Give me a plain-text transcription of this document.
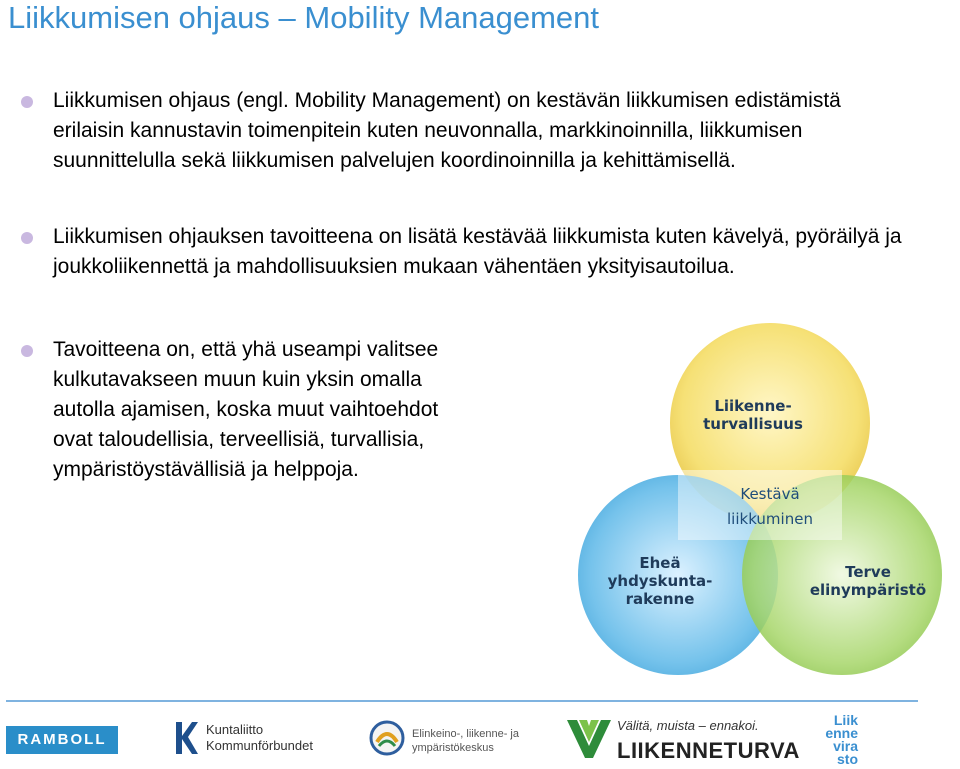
Liikkumisen ohjaus – Mobility Management

Liikkumisen ohjaus (engl. Mobility Management) on kestävän liikkumisen edistämistä erilaisin kannustavin toimenpitein kuten neuvonnalla, markkinoinnilla, liikkumisen suunnittelulla sekä liikkumisen palvelujen koordinoinnilla ja kehittämisellä.

Liikkumisen ohjauksen tavoitteena on lisätä kestävää liikkumista kuten kävelyä, pyöräilyä ja joukkoliikennettä ja mahdollisuuksien mukaan vähentäen yksityisautoilua.

Tavoitteena on, että yhä useampi valitsee kulkutavakseen muun kuin yksin omalla autolla ajamisen, koska muut vaihtoehdot ovat taloudellisia, terveellisiä, turvallisia, ympäristöystävällisiä ja helppoja.

Liikenne-
turvallisuus
Kestävä
liikkuminen
Eheä
yhdyskunta-
rakenne
Terve
elinympäristö
RAMBOLL
Kuntaliitto
Kommunförbundet
Elinkeino-, liikenne- ja
ympäristökeskus
Välitä, muista – ennakoi.
LIIKENNETURVA
Liik
enne
vira
sto
